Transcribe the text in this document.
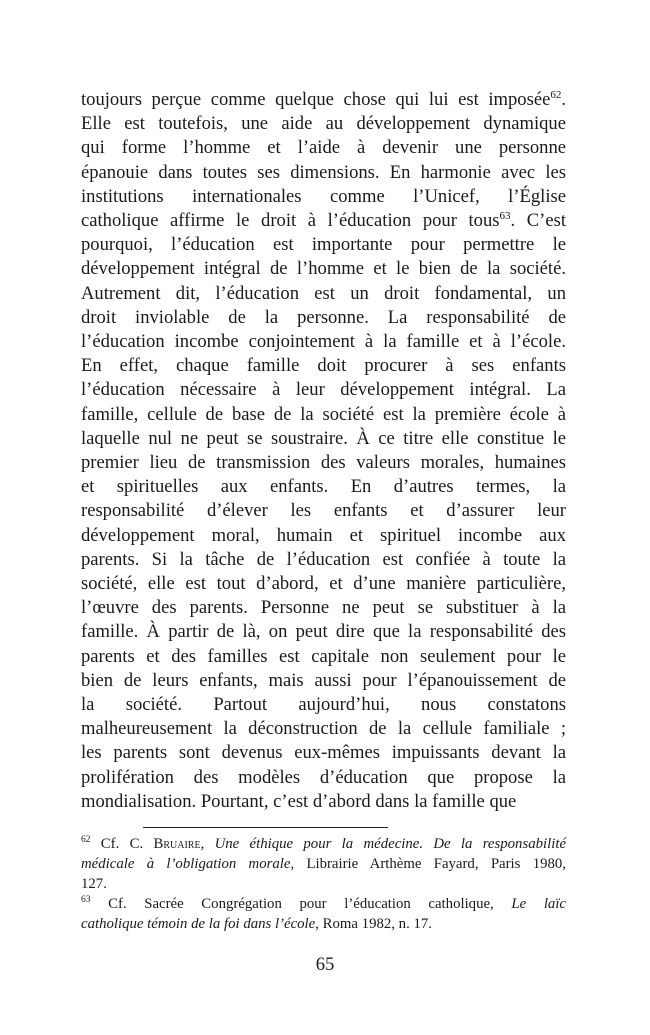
toujours perçue comme quelque chose qui lui est imposée$^{62}$.
Elle est toutefois, une aide au développement dynamique
qui forme l’homme et l’aide à devenir une personne
épanouie dans toutes ses dimensions. En harmonie avec les
institutions internationales comme l’Unicef, l’Église
catholique affirme le droit à l’éducation pour tous$^{63}$. C’est
pourquoi, l’éducation est importante pour permettre le
développement intégral de l’homme et le bien de la société.
Autrement dit, l’éducation est un droit fondamental, un
droit inviolable de la personne. La responsabilité de
l’éducation incombe conjointement à la famille et à l’école.
En effet, chaque famille doit procurer à ses enfants
l’éducation nécessaire à leur développement intégral. La
famille, cellule de base de la société est la première école à
laquelle nul ne peut se soustraire. À ce titre elle constitue le
premier lieu de transmission des valeurs morales, humaines
et spirituelles aux enfants. En d’autres termes, la
responsabilité d’élever les enfants et d’assurer leur
développement moral, humain et spirituel incombe aux
parents. Si la tâche de l’éducation est confiée à toute la
société, elle est tout d’abord, et d’une manière particulière,
l’œuvre des parents. Personne ne peut se substituer à la
famille. À partir de là, on peut dire que la responsabilité des
parents et des familles est capitale non seulement pour le
bien de leurs enfants, mais aussi pour l’épanouissement de
la société. Partout aujourd’hui, nous constatons
malheureusement la déconstruction de la cellule familiale ;
les parents sont devenus eux-mêmes impuissants devant la
prolifération des modèles d’éducation que propose la
mondialisation. Pourtant, c’est d’abord dans la famille que
$^{62}$ Cf. C. Bruaire, Une éthique pour la médecine. De la responsabilité
médicale à l’obligation morale, Librairie Arthème Fayard, Paris 1980,
127.
$^{63}$ Cf. Sacrée Congrégation pour l’éducation catholique, Le laïc
catholique témoin de la foi dans l’école, Roma 1982, n. 17.
65
